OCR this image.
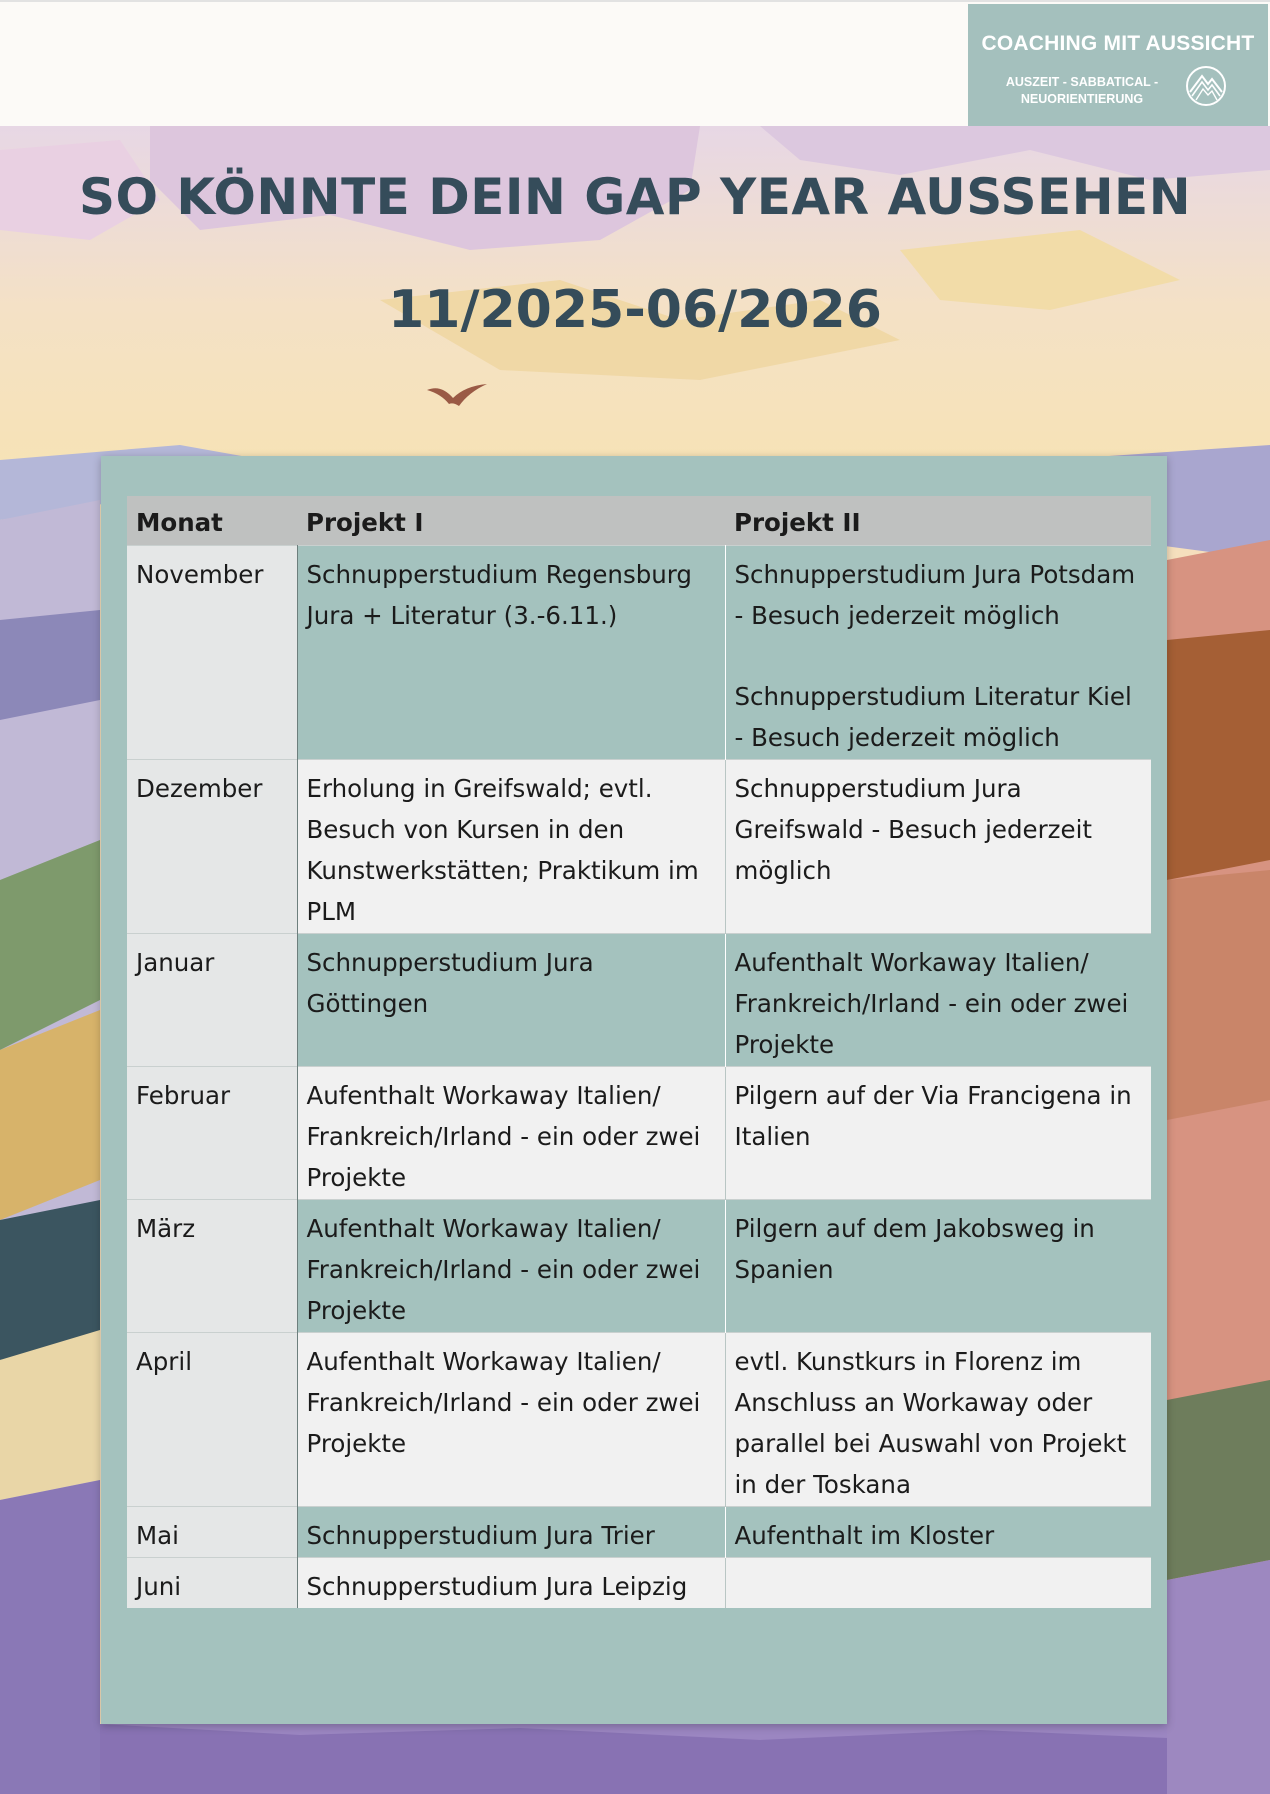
COACHING MIT AUSSICHT
AUSZEIT - SABBATICAL - NEUORIENTIERUNG
SO KÖNNTE DEIN GAP YEAR AUSSEHEN
11/2025-06/2026
Monat	Projekt I	Projekt II
November	Schnupperstudium Regensburg Jura + Literatur (3.-6.11.)	Schnupperstudium Jura Potsdam - Besuch jederzeit möglich
Schnupperstudium Literatur Kiel - Besuch jederzeit möglich

Dezember	Erholung in Greifswald; evtl. Besuch von Kursen in den Kunstwerkstätten; Praktikum im PLM	Schnupperstudium Jura Greifswald - Besuch jederzeit möglich
Januar	Schnupperstudium Jura Göttingen	Aufenthalt Workaway Italien/ Frankreich/Irland - ein oder zwei Projekte
Februar	Aufenthalt Workaway Italien/ Frankreich/Irland - ein oder zwei Projekte	Pilgern auf der Via Francigena in Italien
März	Aufenthalt Workaway Italien/ Frankreich/Irland - ein oder zwei Projekte	Pilgern auf dem Jakobsweg in Spanien
April	Aufenthalt Workaway Italien/ Frankreich/Irland - ein oder zwei Projekte	evtl. Kunstkurs in Florenz im Anschluss an Workaway oder parallel bei Auswahl von Projekt in der Toskana
Mai	Schnupperstudium Jura Trier	Aufenthalt im Kloster
Juni	Schnupperstudium Jura Leipzig	
